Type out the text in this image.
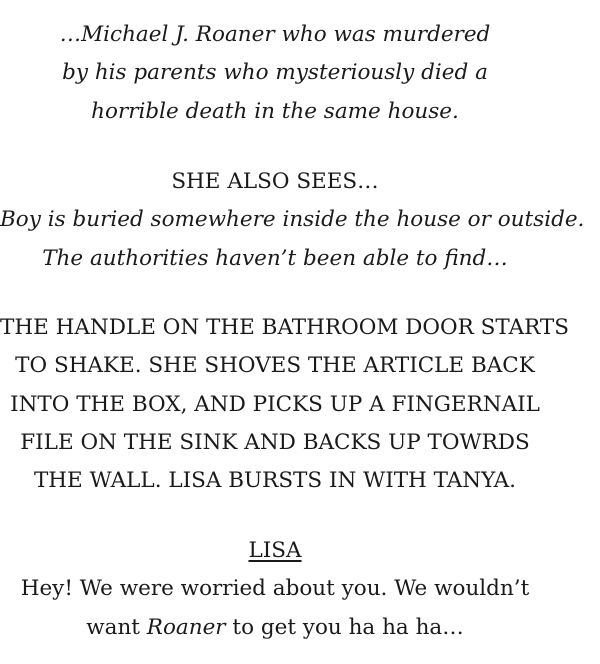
…Michael J. Roaner who was murdered
by his parents who mysteriously died a
horrible death in the same house.
SHE ALSO SEES…
Boy is buried somewhere inside the house or outside.
The authorities haven’t been able to find…
THE HANDLE ON THE BATHROOM DOOR STARTS
TO SHAKE. SHE SHOVES THE ARTICLE BACK
INTO THE BOX, AND PICKS UP A FINGERNAIL
FILE ON THE SINK AND BACKS UP TOWRDS
THE WALL. LISA BURSTS IN WITH TANYA.
LISA
Hey! We were worried about you. We wouldn’t
want Roaner to get you ha ha ha…
